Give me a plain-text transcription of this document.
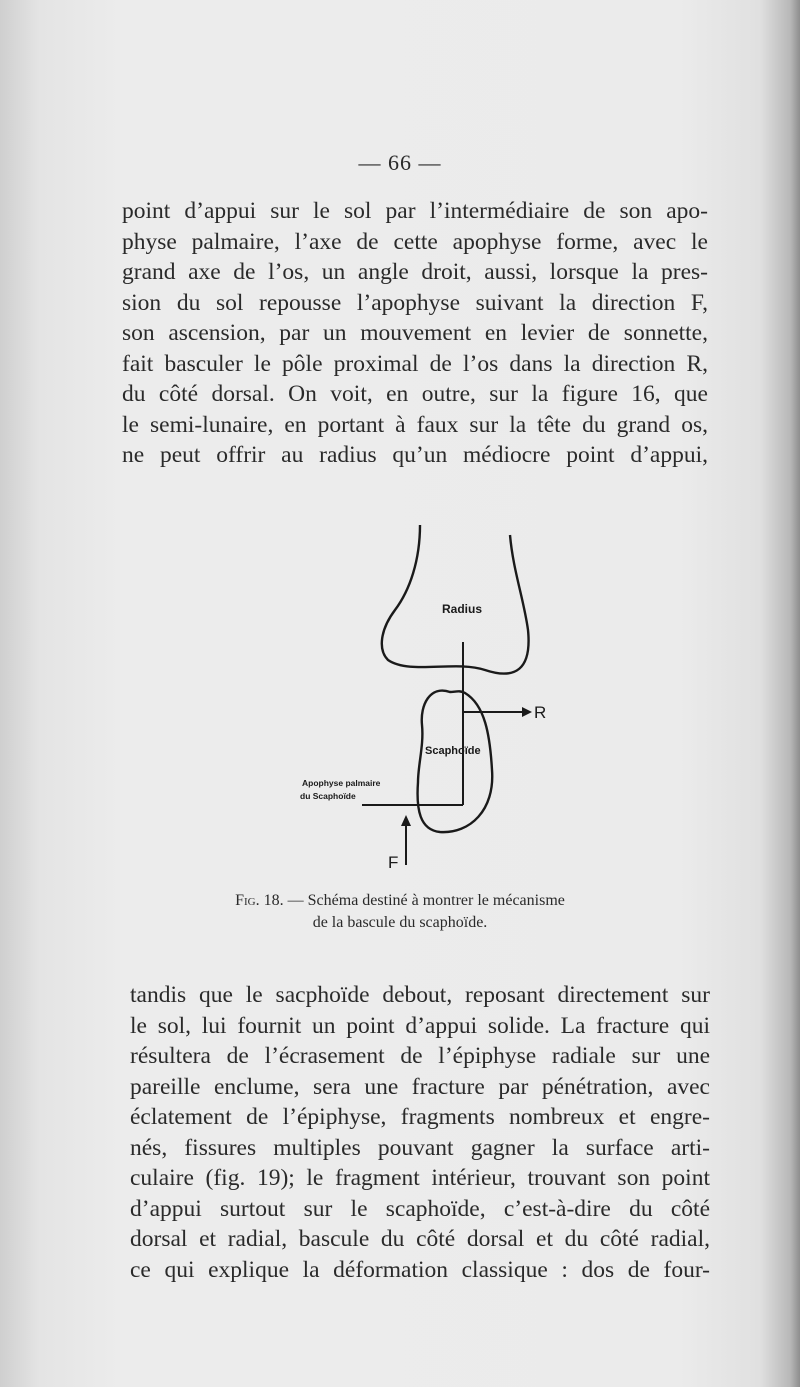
— 66 —
point d’appui sur le sol par l’intermédiaire de son apo-
physe palmaire, l’axe de cette apophyse forme, avec le
grand axe de l’os, un angle droit, aussi, lorsque la pres-
sion du sol repousse l’apophyse suivant la direction F,
son ascension, par un mouvement en levier de sonnette,
fait basculer le pôle proximal de l’os dans la direction R,
du côté dorsal. On voit, en outre, sur la figure 16, que
le semi-lunaire, en portant à faux sur la tête du grand os,
ne peut offrir au radius qu’un médiocre point d’appui,
Radius
Scaphoïde
Apophyse palmaire
du Scaphoïde
R
F
Fig. 18. — Schéma destiné à montrer le mécanisme
de la bascule du scaphoïde.
tandis que le sacphoïde debout, reposant directement sur
le sol, lui fournit un point d’appui solide. La fracture qui
résultera de l’écrasement de l’épiphyse radiale sur une
pareille enclume, sera une fracture par pénétration, avec
éclatement de l’épiphyse, fragments nombreux et engre-
nés, fissures multiples pouvant gagner la surface arti-
culaire (fig. 19); le fragment intérieur, trouvant son point
d’appui surtout sur le scaphoïde, c’est-à-dire du côté
dorsal et radial, bascule du côté dorsal et du côté radial,
ce qui explique la déformation classique : dos de four-
